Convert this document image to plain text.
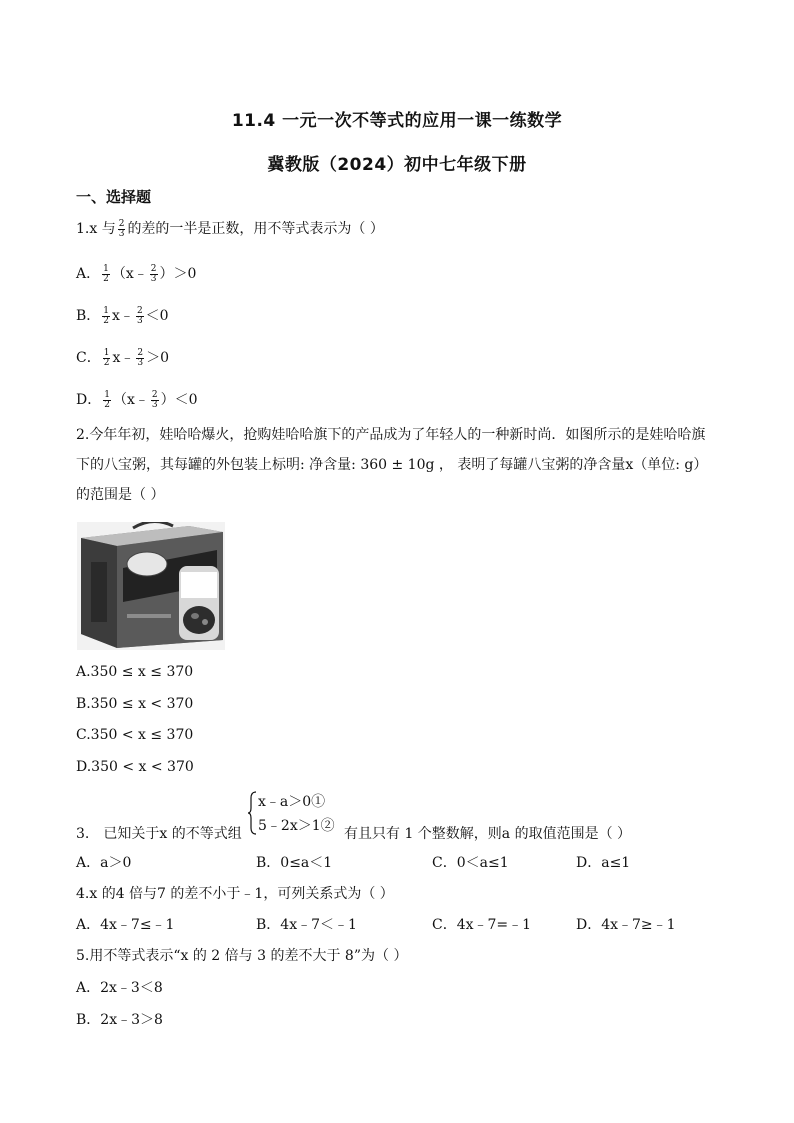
11.4 一元一次不等式的应用一课一练数学
冀教版（2024）初中七年级下册
一、选择题
1.x 与 $\frac{2}{3}$ 的差的一半是正数，用不等式表示为（ ）
A． $\frac{1}{2}$ （x﹣ $\frac{2}{3} )>0$
B． $\frac{1}{2}$ x﹣ $\frac{2}{3} <0$
C． $\frac{1}{2}$ x﹣ $\frac{2}{3} >0$
D． $\frac{1}{2}$ （x﹣ $\frac{2}{3} )<0$
2.今年年初，娃哈哈爆火，抢购娃哈哈旗下的产品成为了年轻人的一种新时尚．如图所示的是娃哈哈旗下的八宝粥，其每罐的外包装上标明: 净含量: 360 ± 10g ， 表明了每罐八宝粥的净含量x（单位: g）的范围是（ ）
A.350 ≤ x ≤ 370
B.350 ≤ x < 370
C.350 < x ≤ 370
D.350 < x < 370
3.　已知关于x 的不等式组
x﹣a＞0①
5﹣2x＞1② 有且只有 1 个整数解，则a 的取值范围是（ ）
A．a＞0	B．0≤a＜1	C．0＜a≤1	D．a≤1
4.x 的4 倍与7 的差不小于﹣1，可列关系式为（ ）
A．4x﹣7≤﹣1	B．4x﹣7＜﹣1	C．4x﹣7=﹣1	D．4x﹣7≥﹣1
5.用不等式表示“x 的 2 倍与 3 的差不大于 8”为（ ）
A．2x﹣3＜8
B．2x﹣3＞8
